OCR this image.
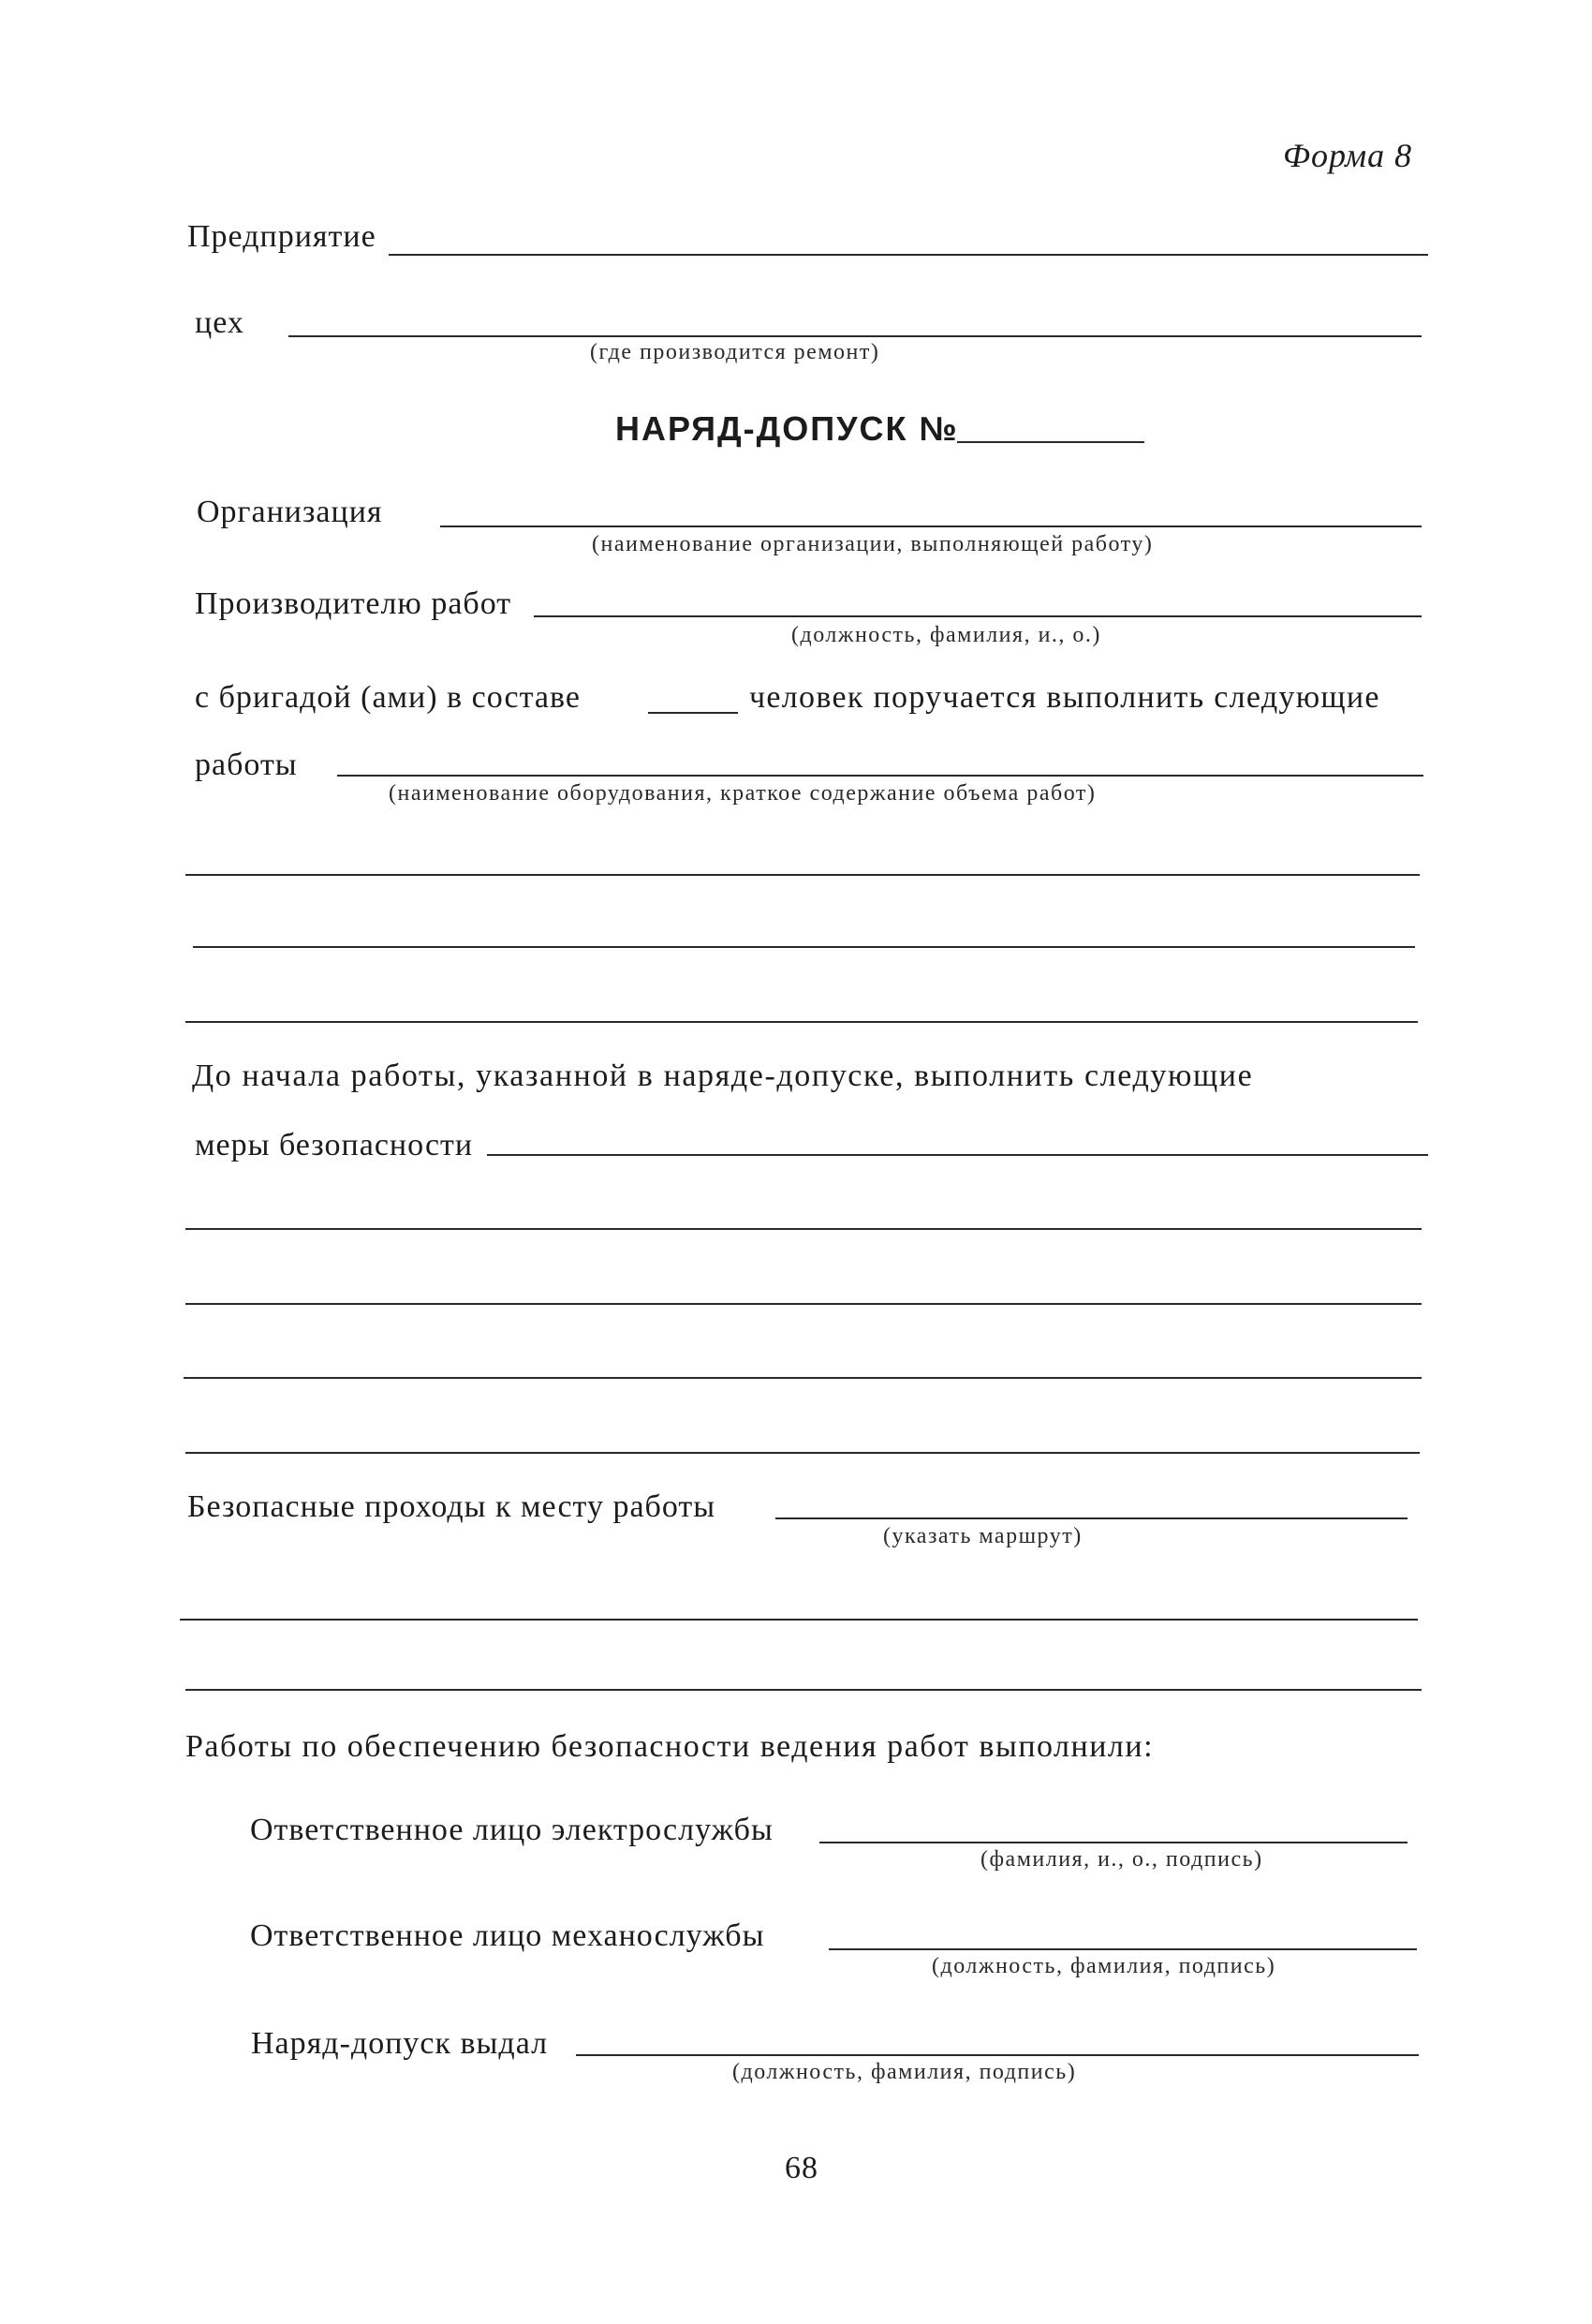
Форма 8
Предприятие
цех
(где производится ремонт)
НАРЯД-ДОПУСК №
Организация
(наименование организации, выполняющей работу)
Производителю работ
(должность, фамилия, и., о.)
с бригадой (ами) в составе	человек поручается выполнить следующие
работы
(наименование оборудования, краткое содержание объема работ)
До начала работы, указанной в наряде-допуске, выполнить следующие
меры безопасности
Безопасные проходы к месту работы
(указать маршрут)
Работы по обеспечению безопасности ведения работ выполнили:
Ответственное лицо электрослужбы
(фамилия, и., о., подпись)
Ответственное лицо механослужбы
(должность, фамилия, подпись)
Наряд-допуск выдал
(должность, фамилия, подпись)
68
